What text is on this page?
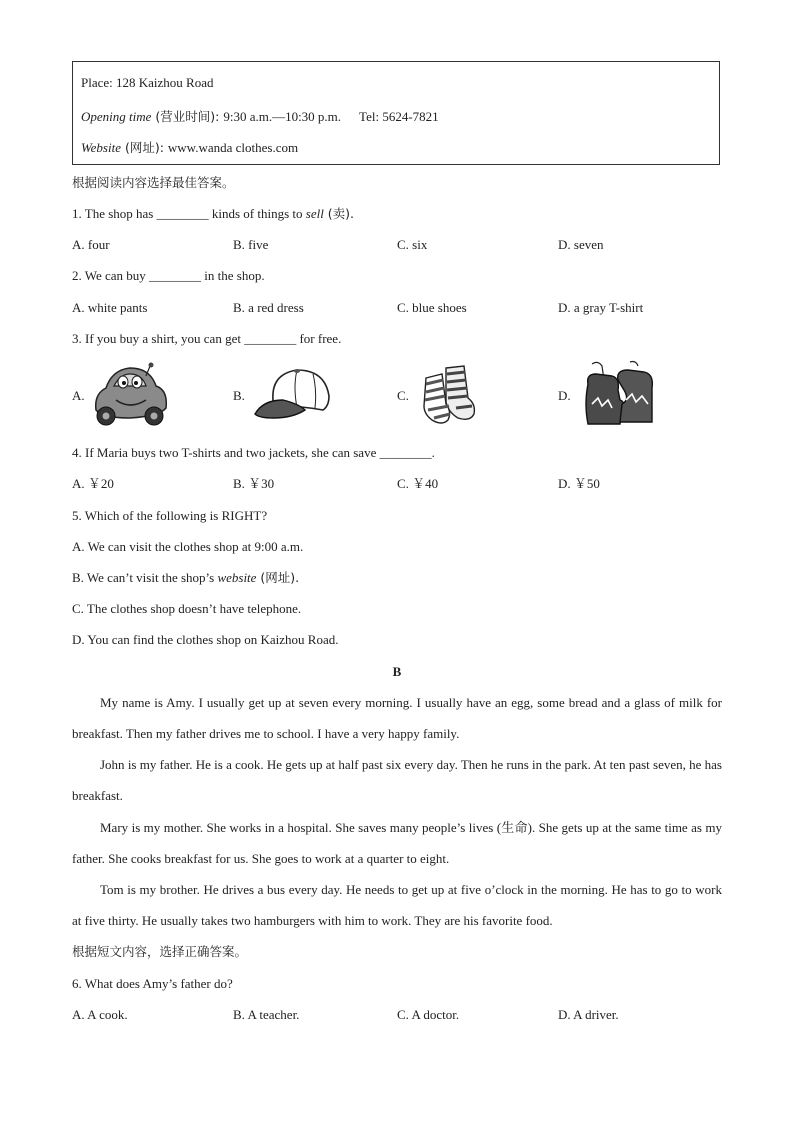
Place: 128 Kaizhou Road
Opening time (营业时间): 9:30 a.m.—10:30 p.m. Tel: 5624-7821
Website (网址): www.wanda clothes.com
根据阅读内容选择最佳答案。
1. The shop has ________ kinds of things to sell (卖).
A. four	B. five	C. six	D. seven
2. We can buy ________ in the shop.
A. white pants	B. a red dress	C. blue shoes	D. a gray T-shirt
3. If you buy a shirt, you can get ________ for free.
A.	B.	C.	D.
4. If Maria buys two T-shirts and two jackets, she can save ________.
A. ￥20	B. ￥30	C. ￥40	D. ￥50
5. Which of the following is RIGHT?
A. We can visit the clothes shop at 9:00 a.m.
B. We can’t visit the shop’s website (网址).
C. The clothes shop doesn’t have telephone.
D. You can find the clothes shop on Kaizhou Road.
B
My name is Amy. I usually get up at seven every morning. I usually have an egg, some bread and a glass of milk for breakfast. Then my father drives me to school. I have a very happy family.
John is my father. He is a cook. He gets up at half past six every day. Then he runs in the park. At ten past seven, he has breakfast.
Mary is my mother. She works in a hospital. She saves many people’s lives (生命). She gets up at the same time as my father. She cooks breakfast for us. She goes to work at a quarter to eight.
Tom is my brother. He drives a bus every day. He needs to get up at five o’clock in the morning. He has to go to work at five thirty. He usually takes two hamburgers with him to work. They are his favorite food.
根据短文内容，选择正确答案。
6. What does Amy’s father do?
A. A cook.	B. A teacher.	C. A doctor.	D. A driver.
